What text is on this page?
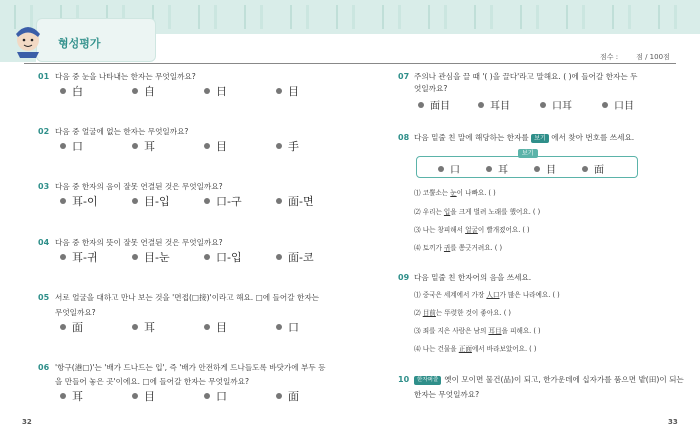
형성평가
점수 :	점 / 100점
01 다음 중 눈을 나타내는 한자는 무엇일까요?
白	自	日	目
02 다음 중 얼굴에 없는 한자는 무엇일까요?
口	耳	目	手
03 다음 중 한자의 음이 잘못 연결된 것은 무엇일까요?
耳-이	目-입	口-구	面-면
04 다음 중 한자의 뜻이 잘못 연결된 것은 무엇일까요?
耳-귀	目-눈	口-입	面-코
05 서로 얼굴을 대하고 만나 보는 것을 '면접(□接)'이라고 해요. □에 들어갈 한자는
무엇일까요?
面	耳	目	口
06 '항구(港□)'는 '배가 드나드는 입', 즉 '배가 안전하게 드나들도록 바닷가에 부두 등
을 만들어 놓은 곳'이에요. □에 들어갈 한자는 무엇일까요?
耳	目	口	面
07 주의나 관심을 끌 때 '( )을 끌다'라고 말해요. ( )에 들어갈 한자는 두
엇일까요?
面目	耳目	口耳	口目
08 다음 밑줄 친 말에 해당하는 한자를 보기 에서 찾아 번호를 쓰세요.
보기
口	耳	目	面
⑴ 코뿔소는 눈이 나빠요. ( )
⑵ 우리는 입을 크게 벌려 노래를 했어요. ( )
⑶ 나는 창피해서 얼굴이 빨개졌어요. ( )
⑷ 토끼가 귀를 쫑긋거려요. ( )
09 다음 밑줄 친 한자어의 음을 쓰세요.
⑴ 중국은 세계에서 가장 人口가 많은 나라예요. ( )
⑵ 目前는 뚜렷한 것이 좋아요. ( )
⑶ 죄를 지은 사람은 남의 耳目을 피해요. ( )
⑷ 나는 건물을 正面에서 바라보았어요. ( )
10	한자퍼즐 옛이 모이면 물건(品)이 되고, 한가운데에 십자가를 품으면 밭(田)이 되는
한자는 무엇일까요?
32	33
